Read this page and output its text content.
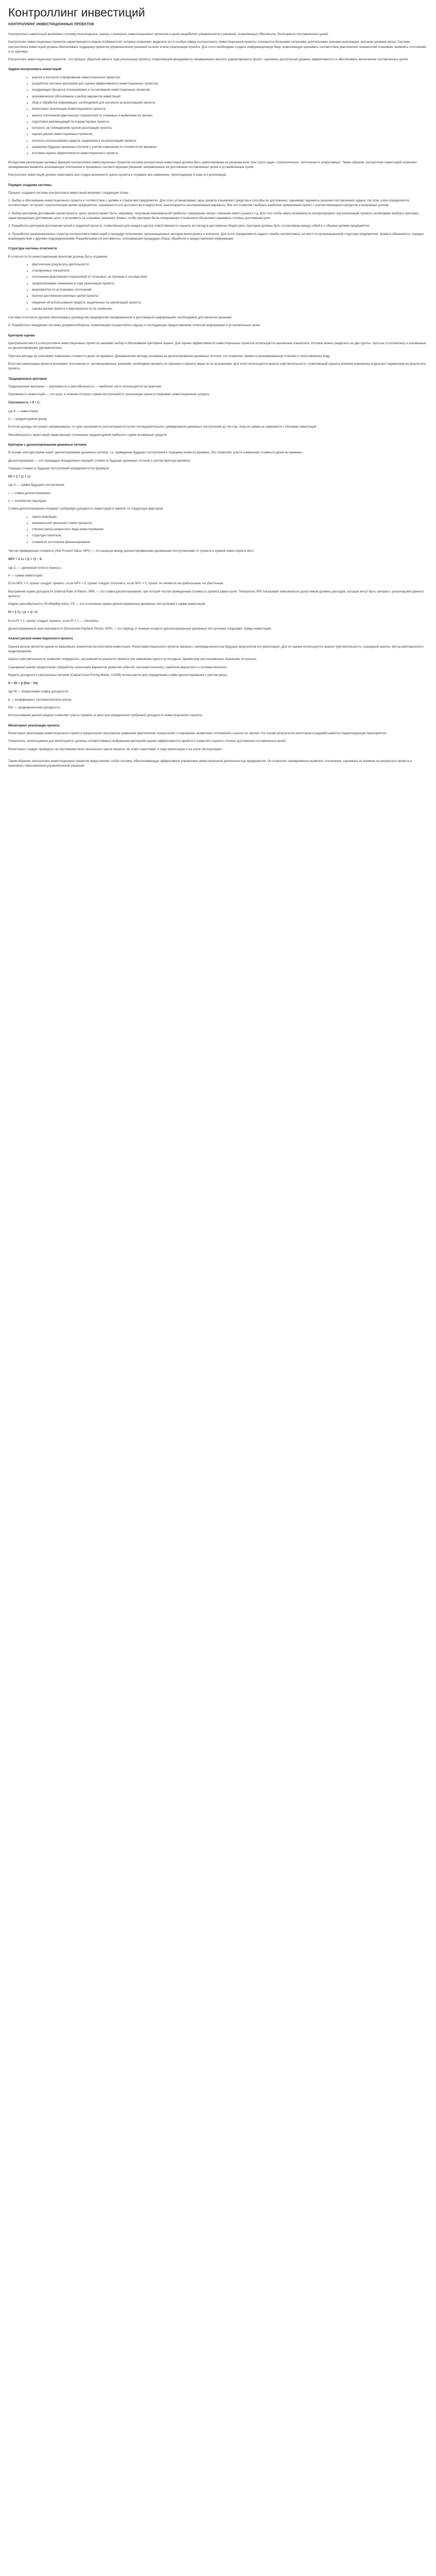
Контроллинг инвестиций
КОНТРОЛЛИНГ ИНВЕСТИЦИОННЫХ ПРОЕКТОВ

Контроллинг инвестиций включает систему мониторинга, оценку и контроль инвестиционных проектов в целях выработки управленческих решений, позволяющих обеспечить достижение поставленных целей.

Контроллинг инвестиционных проектов характеризуется рядом особенностей, которые позволяют выделить его в особую сферу контроллинга. Инвестиционные проекты отличаются большими затратами, длительными сроками реализации, высоким уровнем риска. Система контроллинга инвестиций должна обеспечивать поддержку принятия управленческих решений на всех этапах реализации проекта. Для этого необходимо создать информационную базу, позволяющую оценивать соответствие фактических показателей плановым, выявлять отклонения и их причины.

Контроллинг инвестиционных проектов - это процесс обратной связи в ходе реализации проекта, позволяющий менеджменту своевременно вносить корректировки в проект, оценивать достигнутый уровень эффективности и обеспечивать выполнение поставленных целей.

Задачи контроллинга инвестиций:

• анализ и контроль планирования инвестиционных проектов;
• разработка системы критериев для оценки эффективности инвестиционных проектов;
• координация процесса планирования и согласование инвестиционных проектов;
• экономическое обоснование и выбор вариантов инвестиций;
• сбор и обработка информации, необходимой для контроля за реализацией проекта;
• мониторинг реализации инвестиционного проекта;
• анализ отклонений фактических показателей от плановых и выявление их причин;
• подготовка рекомендаций по корректировке проекта;
• контроль за соблюдением сроков реализации проекта;
• оценка рисков инвестиционных проектов;
• контроль использования средств, выделенных на реализацию проекта;
• сравнение будущих денежных потоков с учетом изменения их стоимости во времени;
• итоговая оценка эффективности инвестиционного проекта.

Вследствие реализации целевых функций контроллинга инвестиционных проектов система контроллинга инвестиций должна быть ориентирована на решение всех трех групп задач: стратегических, тактических и оперативных. Таким образом, контроллинг инвестиций позволяет своевременно выявлять возникающие отклонения и принимать соответствующие решения, направленные на достижение поставленных целей в установленные сроки.

Контроллинг инвестиций должен охватывать все стадии жизненного цикла проекта и отражать все изменения, происходящие в ходе его реализации.

Порядок создания системы

Процесс создания системы контроллинга инвестиций включает следующие этапы.

1. Выбор и обоснование инвестиционного проекта в соответствии с целями и стратегией предприятия. Для этого устанавливают цель проекта и выявляют средства и способы ее достижения, оценивают варианты решения поставленной задачи. На этом этапе определяется, соответствует ли проект стратегическим целям предприятия, оцениваются его достоинства и недостатки, анализируются альтернативные варианты. Все это позволяет выбрать наиболее приемлемый проект с учетом имеющихся ресурсов и возможных рисков.

2. Выбор критериев достижения целей проекта. Цель проекта может быть, например, получение максимальной прибыли, сокращение затрат, освоение нового рынка и т.д. Для того чтобы иметь возможность контролировать ход реализации проекта, необходимо выбрать критерии, характеризующие достижение цели, и установить их плановые значения. Важно, чтобы критерии были измеримыми и позволяли объективно оценивать степень достижения цели.

3. Разработка критериев достижения целей и подцелей проекта, позволяющих для каждого центра ответственности оценить его вклад в достижение общей цели. Критерии должны быть согласованы между собой и с общими целями предприятия.

4. Проработка организационных структур контроллинга инвестиций и процедур исполнения, организационных методов мониторинга и контроля. Для этого определяются задачи службы контроллинга, ее место в организационной структуре предприятия, права и обязанности, порядок взаимодействия с другими подразделениями. Разрабатываются регламенты, описывающие процедуры сбора, обработки и предоставления информации.

Структура системы отчетности

В отчетности по инвестиционным проектам должны быть отражены:

• фактические результаты деятельности;
• планируемые показатели;
• отклонения фактических показателей от плановых, их причины и последствия;
• предполагаемые изменения в ходе реализации проекта;
• мероприятия по устранению отклонений;
• прогноз достижения конечных целей проекта;
• сведения об использовании средств, выделенных на реализацию проекта;
• оценка рисков проекта и мероприятия по их снижению.

Система отчетности должна обеспечивать руководство предприятия своевременной и достоверной информацией, необходимой для принятия решений.

5. Разработка и внедрение системы документооборота, позволяющей осуществлять надзор и последующее предоставление отчетной информации в установленные сроки.

Критерии оценки

Центральное место в контроллинге инвестиционных проектов занимает выбор и обоснование критериев оценки. Для оценки эффективности инвестиционных проектов используются различные показатели, которые можно разделить на две группы: простые (статические) и основанные на дисконтировании (динамические).

Простые методы не учитывают изменение стоимости денег во времени. Динамические методы основаны на дисконтировании денежных потоков, что позволяет привести разновременные платежи к сопоставимому виду.

Если при реализации проекта возникают отклонения от запланированных значений, необходимо выявить их причины и принять меры по их устранению. Для этого используется анализ чувствительности, позволяющий оценить влияние изменения отдельных параметров на результаты проекта.

Традиционные критерии

Традиционные критерии — окупаемость и рентабельность — наиболее часто используются на практике.

Окупаемость инвестиций — это срок, в течение которого сумма поступлений от реализации проекта покрывает инвестиционные затраты.

Окупаемость = K / C,

где K — инвестиции;

C — среднегодовой доход.

Если же доходы поступают неравномерно, то срок окупаемости рассчитывается путем последовательного суммирования денежных поступлений до тех пор, пока их сумма не сравняется с объемом инвестиций.

Рентабельность инвестиций характеризует отношение среднегодовой прибыли к сумме вложенных средств.

Критерии с дисконтированием денежных потоков

В основе этих критериев лежит дисконтирование денежных потоков, т.е. приведение будущих поступлений к текущему моменту времени. Это позволяет учесть изменение стоимости денег во времени.

Дисконтирование — это процедура определения текущей стоимости будущих денежных потоков с учетом фактора времени.

Текущая стоимость будущих поступлений определяется по формуле:

PV = C / (1 + r)ⁿ

где C — сумма будущего поступления;

r — ставка дисконтирования;

n — количество периодов.

Ставка дисконтирования отражает требуемую доходность инвестиций и зависит от следующих факторов:

• темпа инфляции;
• минимальной реальной ставки процента;
• степени риска конкретного вида инвестирования;
• структуры капитала;
• стоимости источников финансирования.

Чистая приведенная стоимость (Net Present Value, NPV) — это разница между дисконтированными денежными поступлениями от проекта и суммой инвестиций в него:

NPV = Σ Cₜ / (1 + r)ᵗ − K

где Cₜ — денежный поток в период t;

K — сумма инвестиций.

Если NPV > 0, проект следует принять; если NPV < 0, проект следует отклонить; если NPV = 0, проект не является ни прибыльным, ни убыточным.

Внутренняя норма доходности (Internal Rate of Return, IRR) — это ставка дисконтирования, при которой чистая приведенная стоимость проекта равна нулю. Показатель IRR показывает максимально допустимый уровень расходов, которые могут быть связаны с реализацией данного проекта.

Индекс рентабельности (Profitability Index, PI) — это отношение суммы дисконтированных денежных поступлений к сумме инвестиций.

PI = Σ Cₜ / (1 + r)ᵗ / K

Если PI > 1, проект следует принять; если PI < 1 — отклонить.

Дисконтированный срок окупаемости (Discounted Payback Period, DPP) — это период, в течение которого дисконтированные денежные поступления покрывают сумму инвестиций.

Анализ рисков инвестиционного проекта

Оценка рисков является одним из важнейших элементов контроллинга инвестиций. Риски инвестиционного проекта связаны с неопределенностью будущих результатов его реализации. Для их оценки используются анализ чувствительности, сценарный анализ, метод имитационного моделирования.

Анализ чувствительности позволяет определить, как изменится результат проекта при изменении одного из исходных параметров при неизменных значениях остальных.

Сценарный анализ предполагает разработку нескольких вариантов развития событий: пессимистического, наиболее вероятного и оптимистического.

Модель доходности капитальных активов (Capital Asset Pricing Model, CAPM) используется для определения ставки дисконтирования с учетом риска:

R = Rf + β (Rm − Rf)

где Rf — безрисковая ставка доходности;

β — коэффициент систематического риска;

Rm — среднерыночная доходность.

Использование данной модели позволяет учесть премию за риск при определении требуемой доходности инвестиционного проекта.

Мониторинг реализации проекта

Мониторинг реализации инвестиционного проекта предполагает регулярное сравнение фактических показателей с плановыми, выявление отклонений и анализ их причин. На основе результатов мониторинга разрабатываются корректирующие мероприятия.

Показатели, используемые для мониторинга, должны соответствовать выбранным критериям оценки эффективности проекта и позволять оценить степень достижения поставленных целей.

Мониторинг следует проводить на протяжении всего жизненного цикла проекта: на этапе подготовки, в ходе реализации и на этапе эксплуатации.

Таким образом, контроллинг инвестиционных проектов представляет собой систему, обеспечивающую эффективное управление инвестиционной деятельностью предприятия. Он позволяет своевременно выявлять отклонения, оценивать их влияние на результаты проекта и принимать обоснованные управленческие решения.
